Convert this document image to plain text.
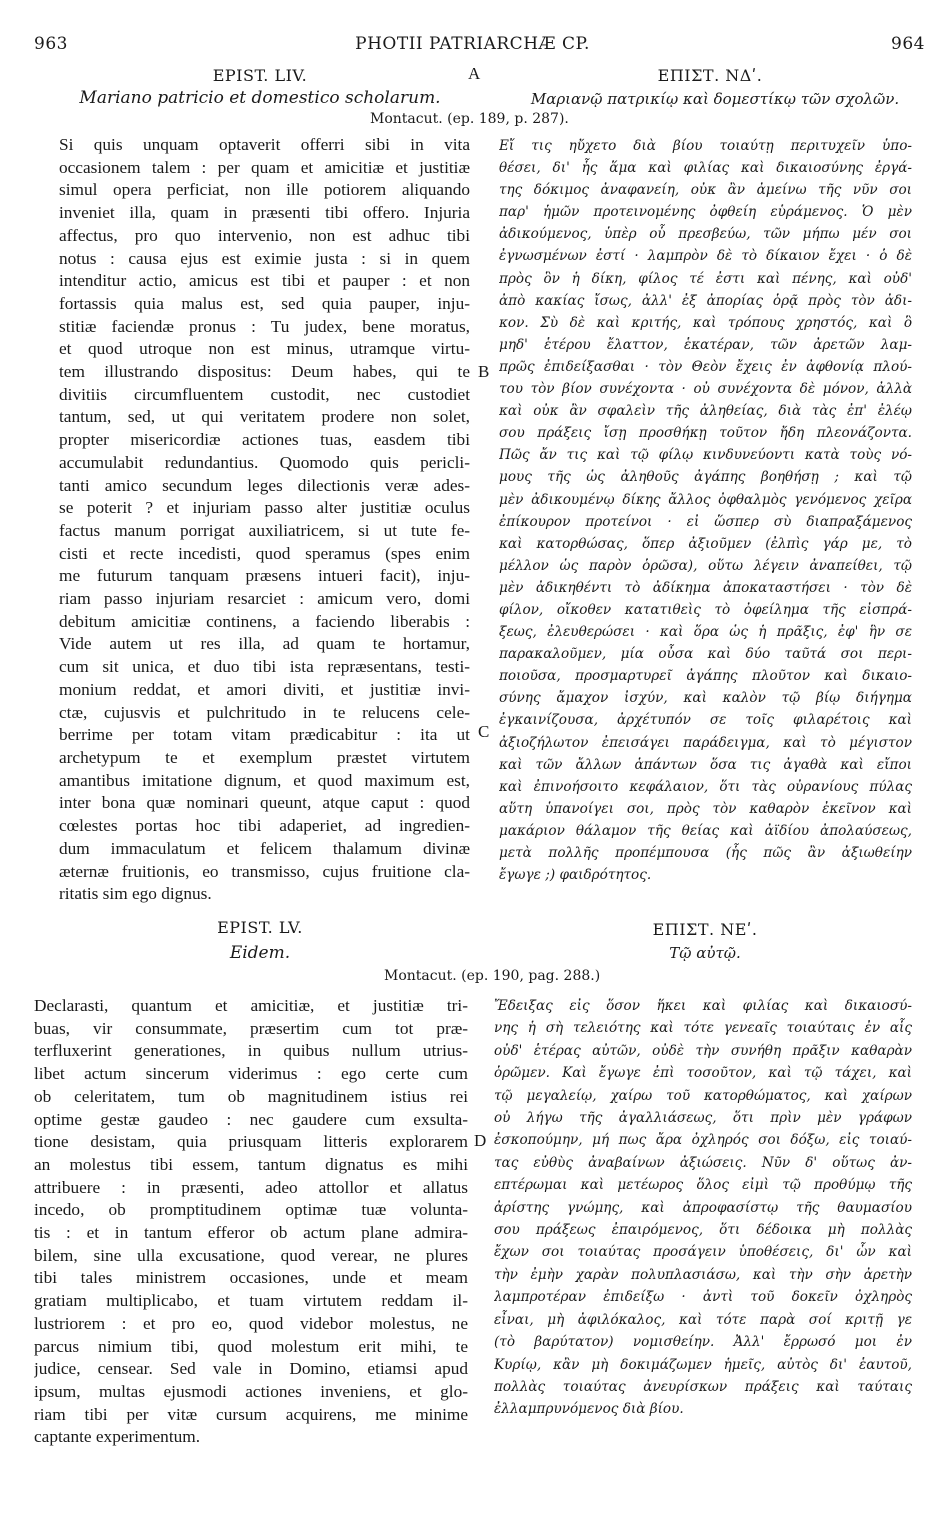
963	PHOTII PATRIARCHÆ CP.	964
EPIST. LIV.	A	ΕΠΙΣΤ. ΝΔʹ.
Mariano patricio et domestico scholarum.	Μαριανῷ πατρικίῳ καὶ δομεστίκῳ τῶν σχολῶν.
Montacut. (ep. 189, p. 287).
Si quis unquam optaverit offerri sibi in vita
occasionem talem : per quam et amicitiæ et justitiæ
simul opera perficiat, non ille potiorem aliquando
inveniet illa, quam in præsenti tibi offero. Injuria
affectus, pro quo intervenio, non est adhuc tibi
notus : causa ejus est eximie justa : si in quem
intenditur actio, amicus est tibi et pauper : et non
fortassis quia malus est, sed quia pauper, inju-
stitiæ faciendæ pronus : Tu judex, bene moratus,
et quod utroque non est minus, utramque virtu-
tem illustrando dispositus: Deum habes, qui te
divitiis circumfluentem custodit, nec custodiet
tantum, sed, ut qui veritatem prodere non solet,
propter misericordiæ actiones tuas, easdem tibi
accumulabit redundantius. Quomodo quis pericli-
tanti amico secundum leges dilectionis veræ ades-
se poterit ? et injuriam passo alter justitiæ oculus
factus manum porrigat auxiliatricem, si ut tute fe-
cisti et recte incedisti, quod speramus (spes enim
me futurum tanquam præsens intueri facit), inju-
riam passo injuriam resarciet : amicum vero, domi
debitum amicitiæ continens, a faciendo liberabis :
Vide autem ut res illa, ad quam te hortamur,
cum sit unica, et duo tibi ista repræsentans, testi-
monium reddat, et amori diviti, et justitiæ invi-
ctæ, cujusvis et pulchritudo in te relucens cele-
berrime per totam vitam prædicabitur : ita ut
archetypum te et exemplum præstet virtutem
amantibus imitatione dignum, et quod maximum est,
inter bona quæ nominari queunt, atque caput : quod
cœlestes portas hoc tibi adaperiet, ad ingredien-
dum immaculatum et felicem thalamum divinæ
æternæ fruitionis, eo transmisso, cujus fruitione cla-
ritatis sim ego dignus.
B
C
Εἴ τις ηὔχετο διὰ βίου τοιαύτῃ περιτυχεῖν ὑπο-
θέσει, δι' ἧς ἅμα καὶ φιλίας καὶ δικαιοσύνης ἐργά-
της δόκιμος ἀναφανείη, οὐκ ἂν ἀμείνω τῆς νῦν σοι
παρ' ἡμῶν προτεινομένης ὀφθείη εὑράμενος. Ὁ μὲν
ἀδικούμενος, ὑπὲρ οὗ πρεσβεύω, τῶν μήπω μέν σοι
ἐγνωσμένων ἐστί · λαμπρὸν δὲ τὸ δίκαιον ἔχει · ὁ δὲ
πρὸς ὃν ἡ δίκη, φίλος τέ ἐστι καὶ πένης, καὶ οὐδ'
ἀπὸ κακίας ἴσως, ἀλλ' ἐξ ἀπορίας ὁρᾷ πρὸς τὸν ἀδι-
κον. Σὺ δὲ καὶ κριτής, καὶ τρόπους χρηστός, καὶ ὃ
μηδ' ἑτέρου ἔλαττον, ἑκατέραν, τῶν ἀρετῶν λαμ-
πρῶς ἐπιδείξασθαι · τὸν Θεὸν ἔχεις ἐν ἀφθονίᾳ πλού-
του τὸν βίον συνέχοντα · οὐ συνέχοντα δὲ μόνον, ἀλλὰ
καὶ οὐκ ἂν σφαλεὶν τῆς ἀληθείας, διὰ τὰς ἐπ' ἐλέῳ
σου πράξεις ἴσῃ προσθήκῃ τοῦτον ἤδη πλεονάζοντα.
Πῶς ἄν τις καὶ τῷ φίλῳ κινδυνεύοντι κατὰ τοὺς νό-
μους τῆς ὡς ἀληθοῦς ἀγάπης βοηθήσῃ ; καὶ τῷ
μὲν ἀδικουμένῳ δίκης ἄλλος ὀφθαλμὸς γενόμενος χεῖρα
ἐπίκουρον προτείνοι · εἰ ὥσπερ σὺ διαπραξάμενος
καὶ κατορθώσας, ὅπερ ἀξιοῦμεν (ἐλπὶς γάρ με, τὸ
μέλλον ὡς παρὸν ὁρῶσα), οὕτω λέγειν ἀναπείθει, τῷ
μὲν ἀδικηθέντι τὸ ἀδίκημα ἀποκαταστήσει · τὸν δὲ
φίλον, οἴκοθεν κατατιθεὶς τὸ ὀφείλημα τῆς εἰσπρά-
ξεως, ἐλευθερώσει · καὶ ὅρα ὡς ἡ πρᾶξις, ἐφ' ἣν σε
παρακαλοῦμεν, μία οὖσα καὶ δύο ταῦτά σοι περι-
ποιοῦσα, προσμαρτυρεῖ ἀγάπης πλοῦτον καὶ δικαιο-
σύνης ἄμαχον ἰσχύν, καὶ καλὸν τῷ βίῳ διήγημα
ἐγκαινίζουσα, ἀρχέτυπόν σε τοῖς φιλαρέτοις καὶ
ἀξιοζήλωτον ἐπεισάγει παράδειγμα, καὶ τὸ μέγιστον
καὶ τῶν ἄλλων ἁπάντων ὅσα τις ἀγαθὰ καὶ εἴποι
καὶ ἐπινοήσοιτο κεφάλαιον, ὅτι τὰς οὐρανίους πύλας
αὕτη ὑπανοίγει σοι, πρὸς τὸν καθαρὸν ἐκεῖνον καὶ
μακάριον θάλαμον τῆς θείας καὶ ἀϊδίου ἀπολαύσεως,
μετὰ πολλῆς προπέμπουσα (ἧς πῶς ἂν ἀξιωθείην
ἔγωγε ;) φαιδρότητος.
EPIST. LV.	ΕΠΙΣΤ. ΝΕʹ.
Eidem.	Τῷ αὐτῷ.
Montacut. (ep. 190, pag. 288.)
Declarasti, quantum et amicitiæ, et justitiæ tri-
buas, vir consummate, præsertim cum tot præ-
terfluxerint generationes, in quibus nullum utrius-
libet actum sincerum viderimus : ego certe cum
ob celeritatem, tum ob magnitudinem istius rei
optime gestæ gaudeo : nec gaudere cum exsulta-
tione desistam, quia priusquam litteris explorarem
an molestus tibi essem, tantum dignatus es mihi
attribuere : in præsenti, adeo attollor et allatus
incedo, ob promptitudinem optimæ tuæ volunta-
tis : et in tantum efferor ob actum plane admira-
bilem, sine ulla excusatione, quod verear, ne plures
tibi tales ministrem occasiones, unde et meam
gratiam multiplicabo, et tuam virtutem reddam il-
lustriorem : et pro eo, quod videbor molestus, ne
parcus nimium tibi, quod molestum erit mihi, te
judice, censear. Sed vale in Domino, etiamsi apud
ipsum, multas ejusmodi actiones inveniens, et glo-
riam tibi per vitæ cursum acquirens, me minime
captante experimentum.
D
Ἔδειξας εἰς ὅσον ἥκει καὶ φιλίας καὶ δικαιοσύ-
νης ἡ σὴ τελειότης καὶ τότε γενεαῖς τοιαύταις ἐν αἷς
οὐδ' ἑτέρας αὐτῶν, οὐδὲ τὴν συνήθη πρᾶξιν καθαρὰν
ὁρῶμεν. Καὶ ἔγωγε ἐπὶ τοσοῦτον, καὶ τῷ τάχει, καὶ
τῷ μεγαλείῳ, χαίρω τοῦ κατορθώματος, καὶ χαίρων
οὐ λήγω τῆς ἀγαλλιάσεως, ὅτι πρὶν μὲν γράφων
ἐσκοπούμην, μή πως ἄρα ὀχληρός σοι δόξω, εἰς τοιαύ-
τας εὐθὺς ἀναβαίνων ἀξιώσεις. Νῦν δ' οὕτως ἀν-
επτέρωμαι καὶ μετέωρος ὅλος εἰμὶ τῷ προθύμῳ τῆς
ἀρίστης γνώμης, καὶ ἀπροφασίστῳ τῆς θαυμασίου
σου πράξεως ἐπαιρόμενος, ὅτι δέδοικα μὴ πολλὰς
ἔχων σοι τοιαύτας προσάγειν ὑποθέσεις, δι' ὧν καὶ
τὴν ἐμὴν χαρὰν πολυπλασιάσω, καὶ τὴν σὴν ἀρετὴν
λαμπροτέραν ἐπιδείξω · ἀντὶ τοῦ δοκεῖν ὀχληρὸς
εἶναι, μὴ ἀφιλόκαλος, καὶ τότε παρὰ σοί κριτῇ γε
(τὸ βαρύτατον) νομισθείην. Ἀλλ' ἔρρωσό μοι ἐν
Κυρίῳ, κἂν μὴ δοκιμάζωμεν ἡμεῖς, αὐτὸς δι' ἑαυτοῦ,
πολλὰς τοιαύτας ἀνευρίσκων πράξεις καὶ ταύταις
ἐλλαμπρυνόμενος διὰ βίου.
